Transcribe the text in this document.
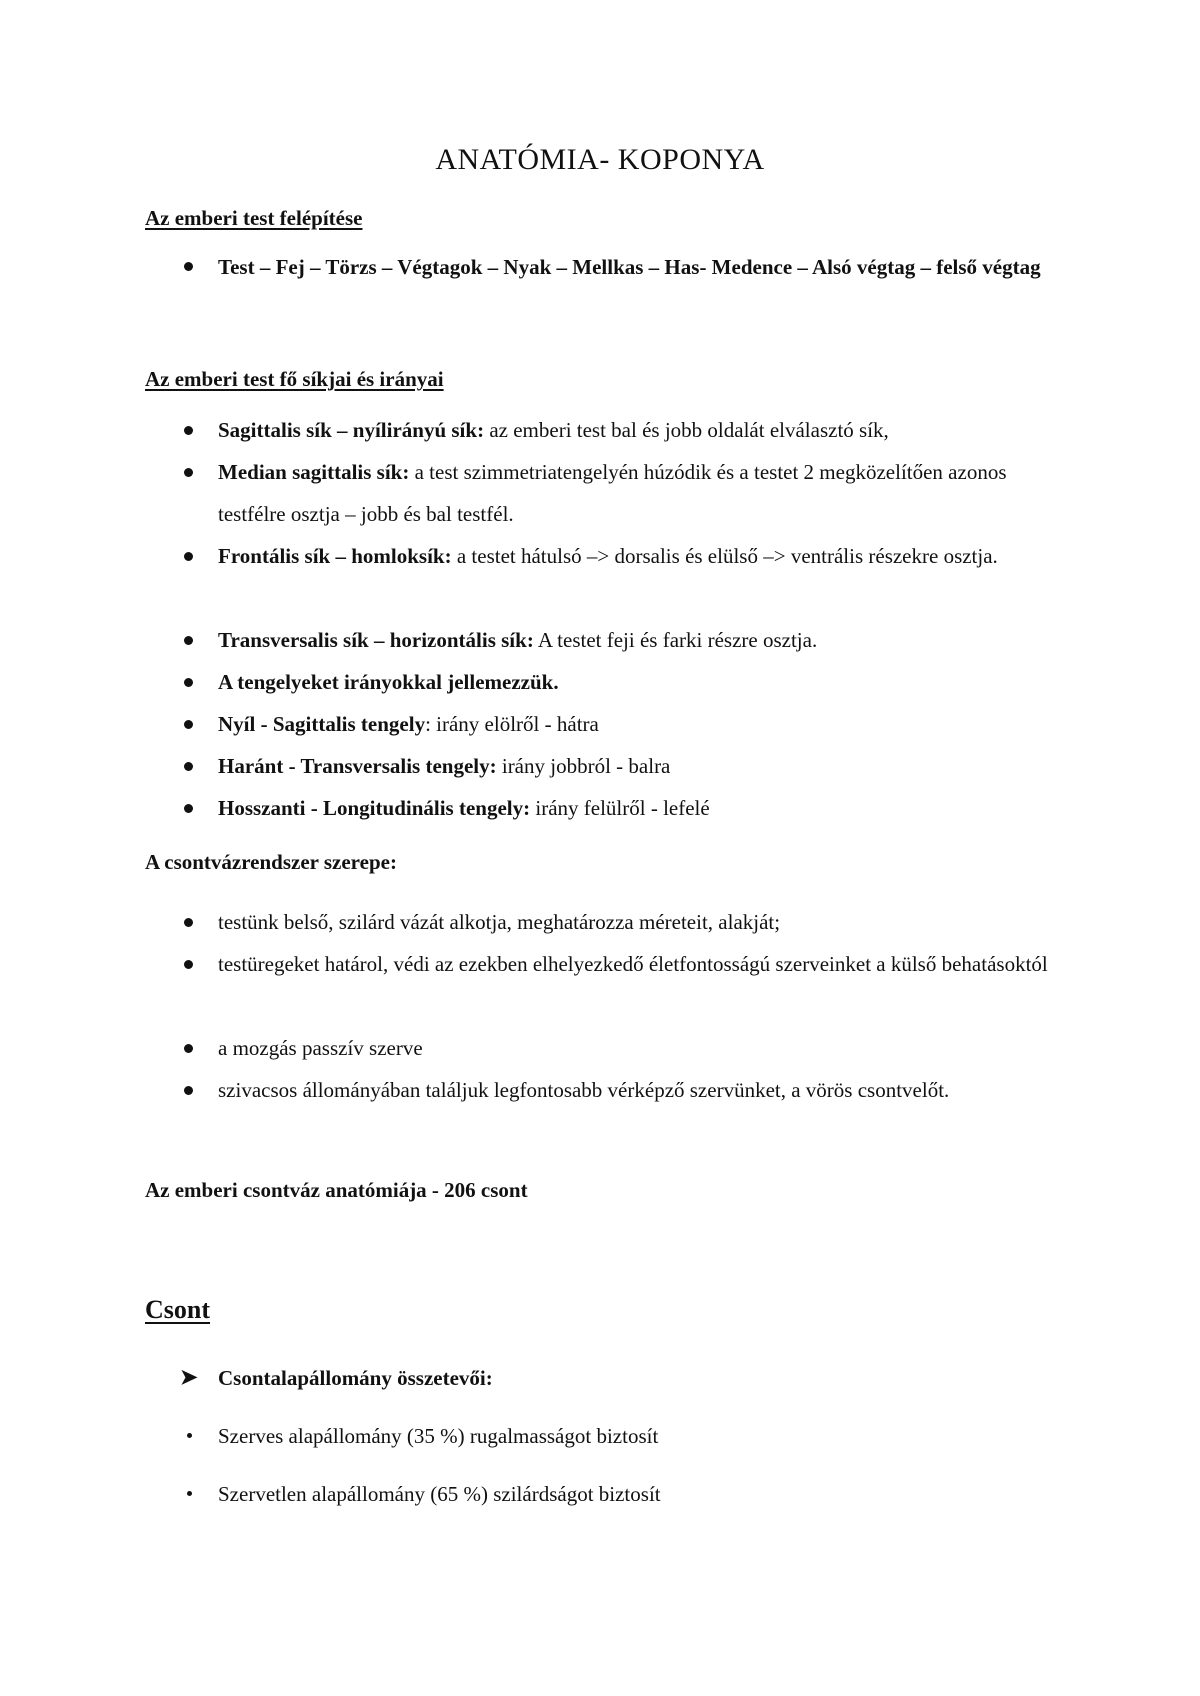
ANATÓMIA- KOPONYA
Az emberi test felépítése
Test – Fej – Törzs – Végtagok – Nyak – Mellkas – Has- Medence – Alsó végtag – felső végtag
Az emberi test fő síkjai és irányai
Sagittalis sík – nyílirányú sík: az emberi test bal és jobb oldalát elválasztó sík,
Median sagittalis sík: a test szimmetriatengelyén húzódik és a testet 2 megközelítően azonos testfélre osztja – jobb és bal testfél.
Frontális sík – homloksík: a testet hátulsó –> dorsalis és elülső –> ventrális részekre osztja.
Transversalis sík – horizontális sík: A testet feji és farki részre osztja.
A tengelyeket irányokkal jellemezzük.
Nyíl - Sagittalis tengely: irány elölről - hátra
Haránt - Transversalis tengely: irány jobbról - balra
Hosszanti - Longitudinális tengely: irány felülről - lefelé
A csontvázrendszer szerepe:
testünk belső, szilárd vázát alkotja, meghatározza méreteit, alakját;
testüregeket határol, védi az ezekben elhelyezkedő életfontosságú szerveinket a külső behatásoktól
a mozgás passzív szerve
szivacsos állományában találjuk legfontosabb vérképző szervünket, a vörös csontvelőt.
Az emberi csontváz anatómiája - 206 csont
Csont
➤ Csontalapállomány összetevői:
Szerves alapállomány (35 %) rugalmasságot biztosít
Szervetlen alapállomány (65 %) szilárdságot biztosít
